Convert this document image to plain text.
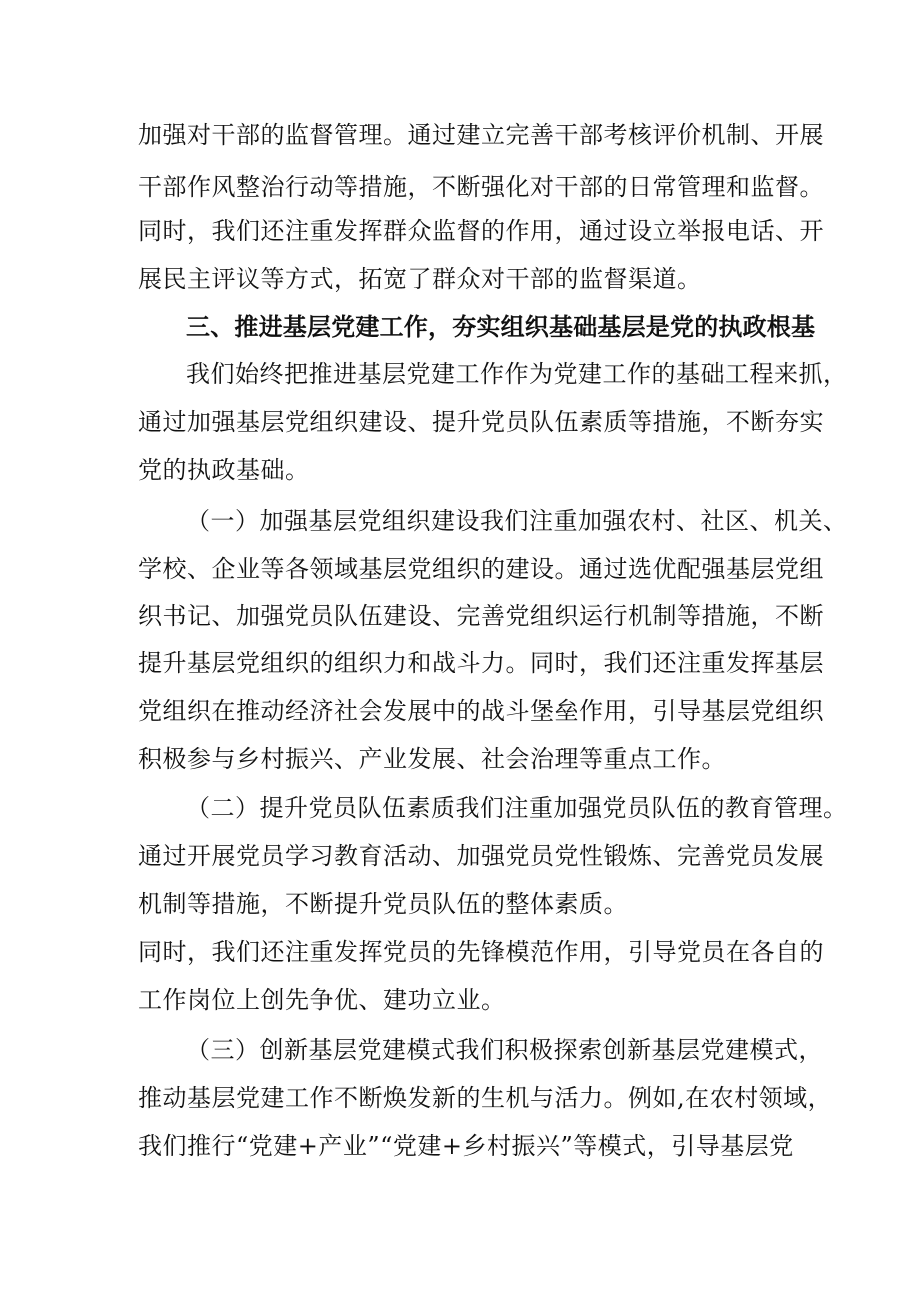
加强对干部的监督管理。通过建立完善干部考核评价机制、开展
干部作风整治行动等措施，不断强化对干部的日常管理和监督。
同时，我们还注重发挥群众监督的作用，通过设立举报电话、开
展民主评议等方式，拓宽了群众对干部的监督渠道。
三、推进基层党建工作，夯实组织基础基层是党的执政根基
我们始终把推进基层党建工作作为党建工作的基础工程来抓，
通过加强基层党组织建设、提升党员队伍素质等措施，不断夯实
党的执政基础。
（一）加强基层党组织建设我们注重加强农村、社区、机关、
学校、企业等各领域基层党组织的建设。通过选优配强基层党组
织书记、加强党员队伍建设、完善党组织运行机制等措施，不断
提升基层党组织的组织力和战斗力。同时，我们还注重发挥基层
党组织在推动经济社会发展中的战斗堡垒作用，引导基层党组织
积极参与乡村振兴、产业发展、社会治理等重点工作。
（二）提升党员队伍素质我们注重加强党员队伍的教育管理。
通过开展党员学习教育活动、加强党员党性锻炼、完善党员发展
机制等措施，不断提升党员队伍的整体素质。
同时，我们还注重发挥党员的先锋模范作用，引导党员在各自的
工作岗位上创先争优、建功立业。
（三）创新基层党建模式我们积极探索创新基层党建模式，
推动基层党建工作不断焕发新的生机与活力。例如,在农村领域，
我们推行“党建+产业”“党建+乡村振兴”等模式，引导基层党
